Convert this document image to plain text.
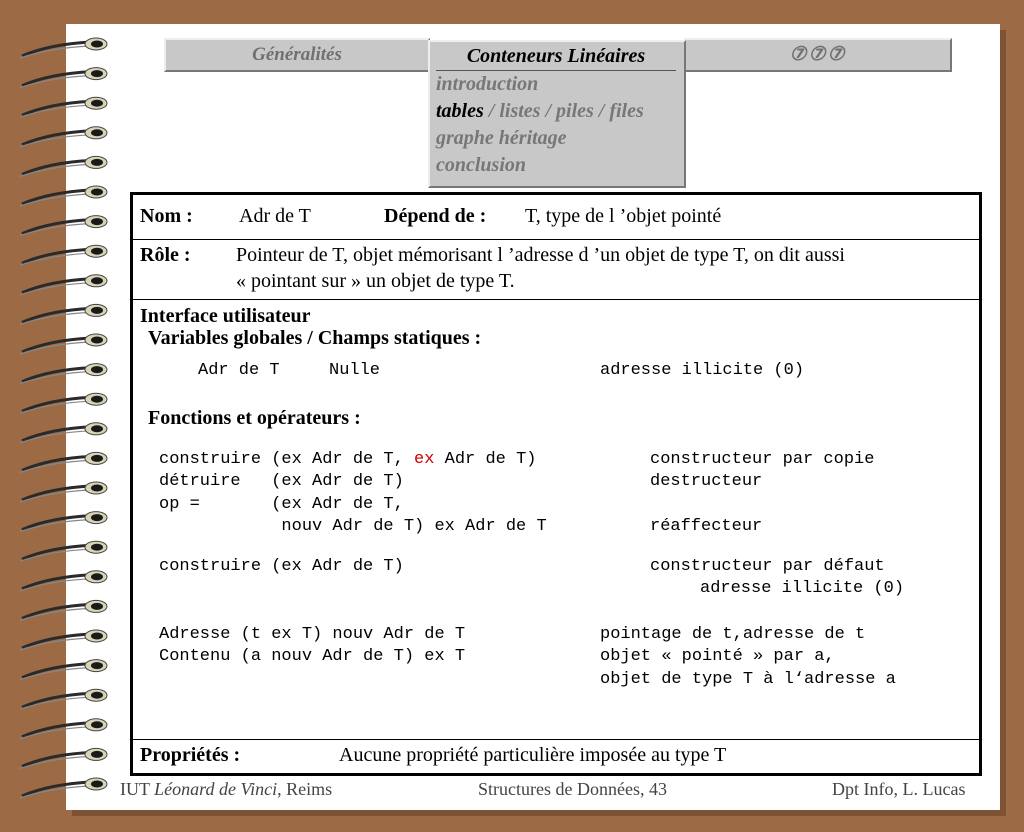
Généralités	⑦⑦⑦
Conteneurs Linéaires
introduction
tables / listes / piles / files
graphe héritage
conclusion
Nom : Adr de T	Dépend de : T, type de l ’objet pointé
Rôle : Pointeur de T, objet mémorisant l ’adresse d ’un objet de type T, on dit aussi
« pointant sur » un objet de type T.
Interface utilisateur
Variables globales / Champs statiques :
Adr de T	Nulle	adresse illicite (0)
Fonctions et opérateurs :
construire (ex Adr de T, ex Adr de T)	constructeur par copie
détruire   (ex Adr de T)	destructeur
op =       (ex Adr de T,
nouv Adr de T) ex Adr de T	réaffecteur
construire (ex Adr de T)	constructeur par défaut
adresse illicite (0)
Adresse (t ex T) nouv Adr de T	pointage de t,adresse de t
Contenu (a nouv Adr de T) ex T	objet « pointé » par a,
objet de type T à l‘adresse a
Propriétés :	Aucune propriété particulière imposée au type T
IUT Léonard de Vinci, Reims	Structures de Données, 43	Dpt Info, L. Lucas
